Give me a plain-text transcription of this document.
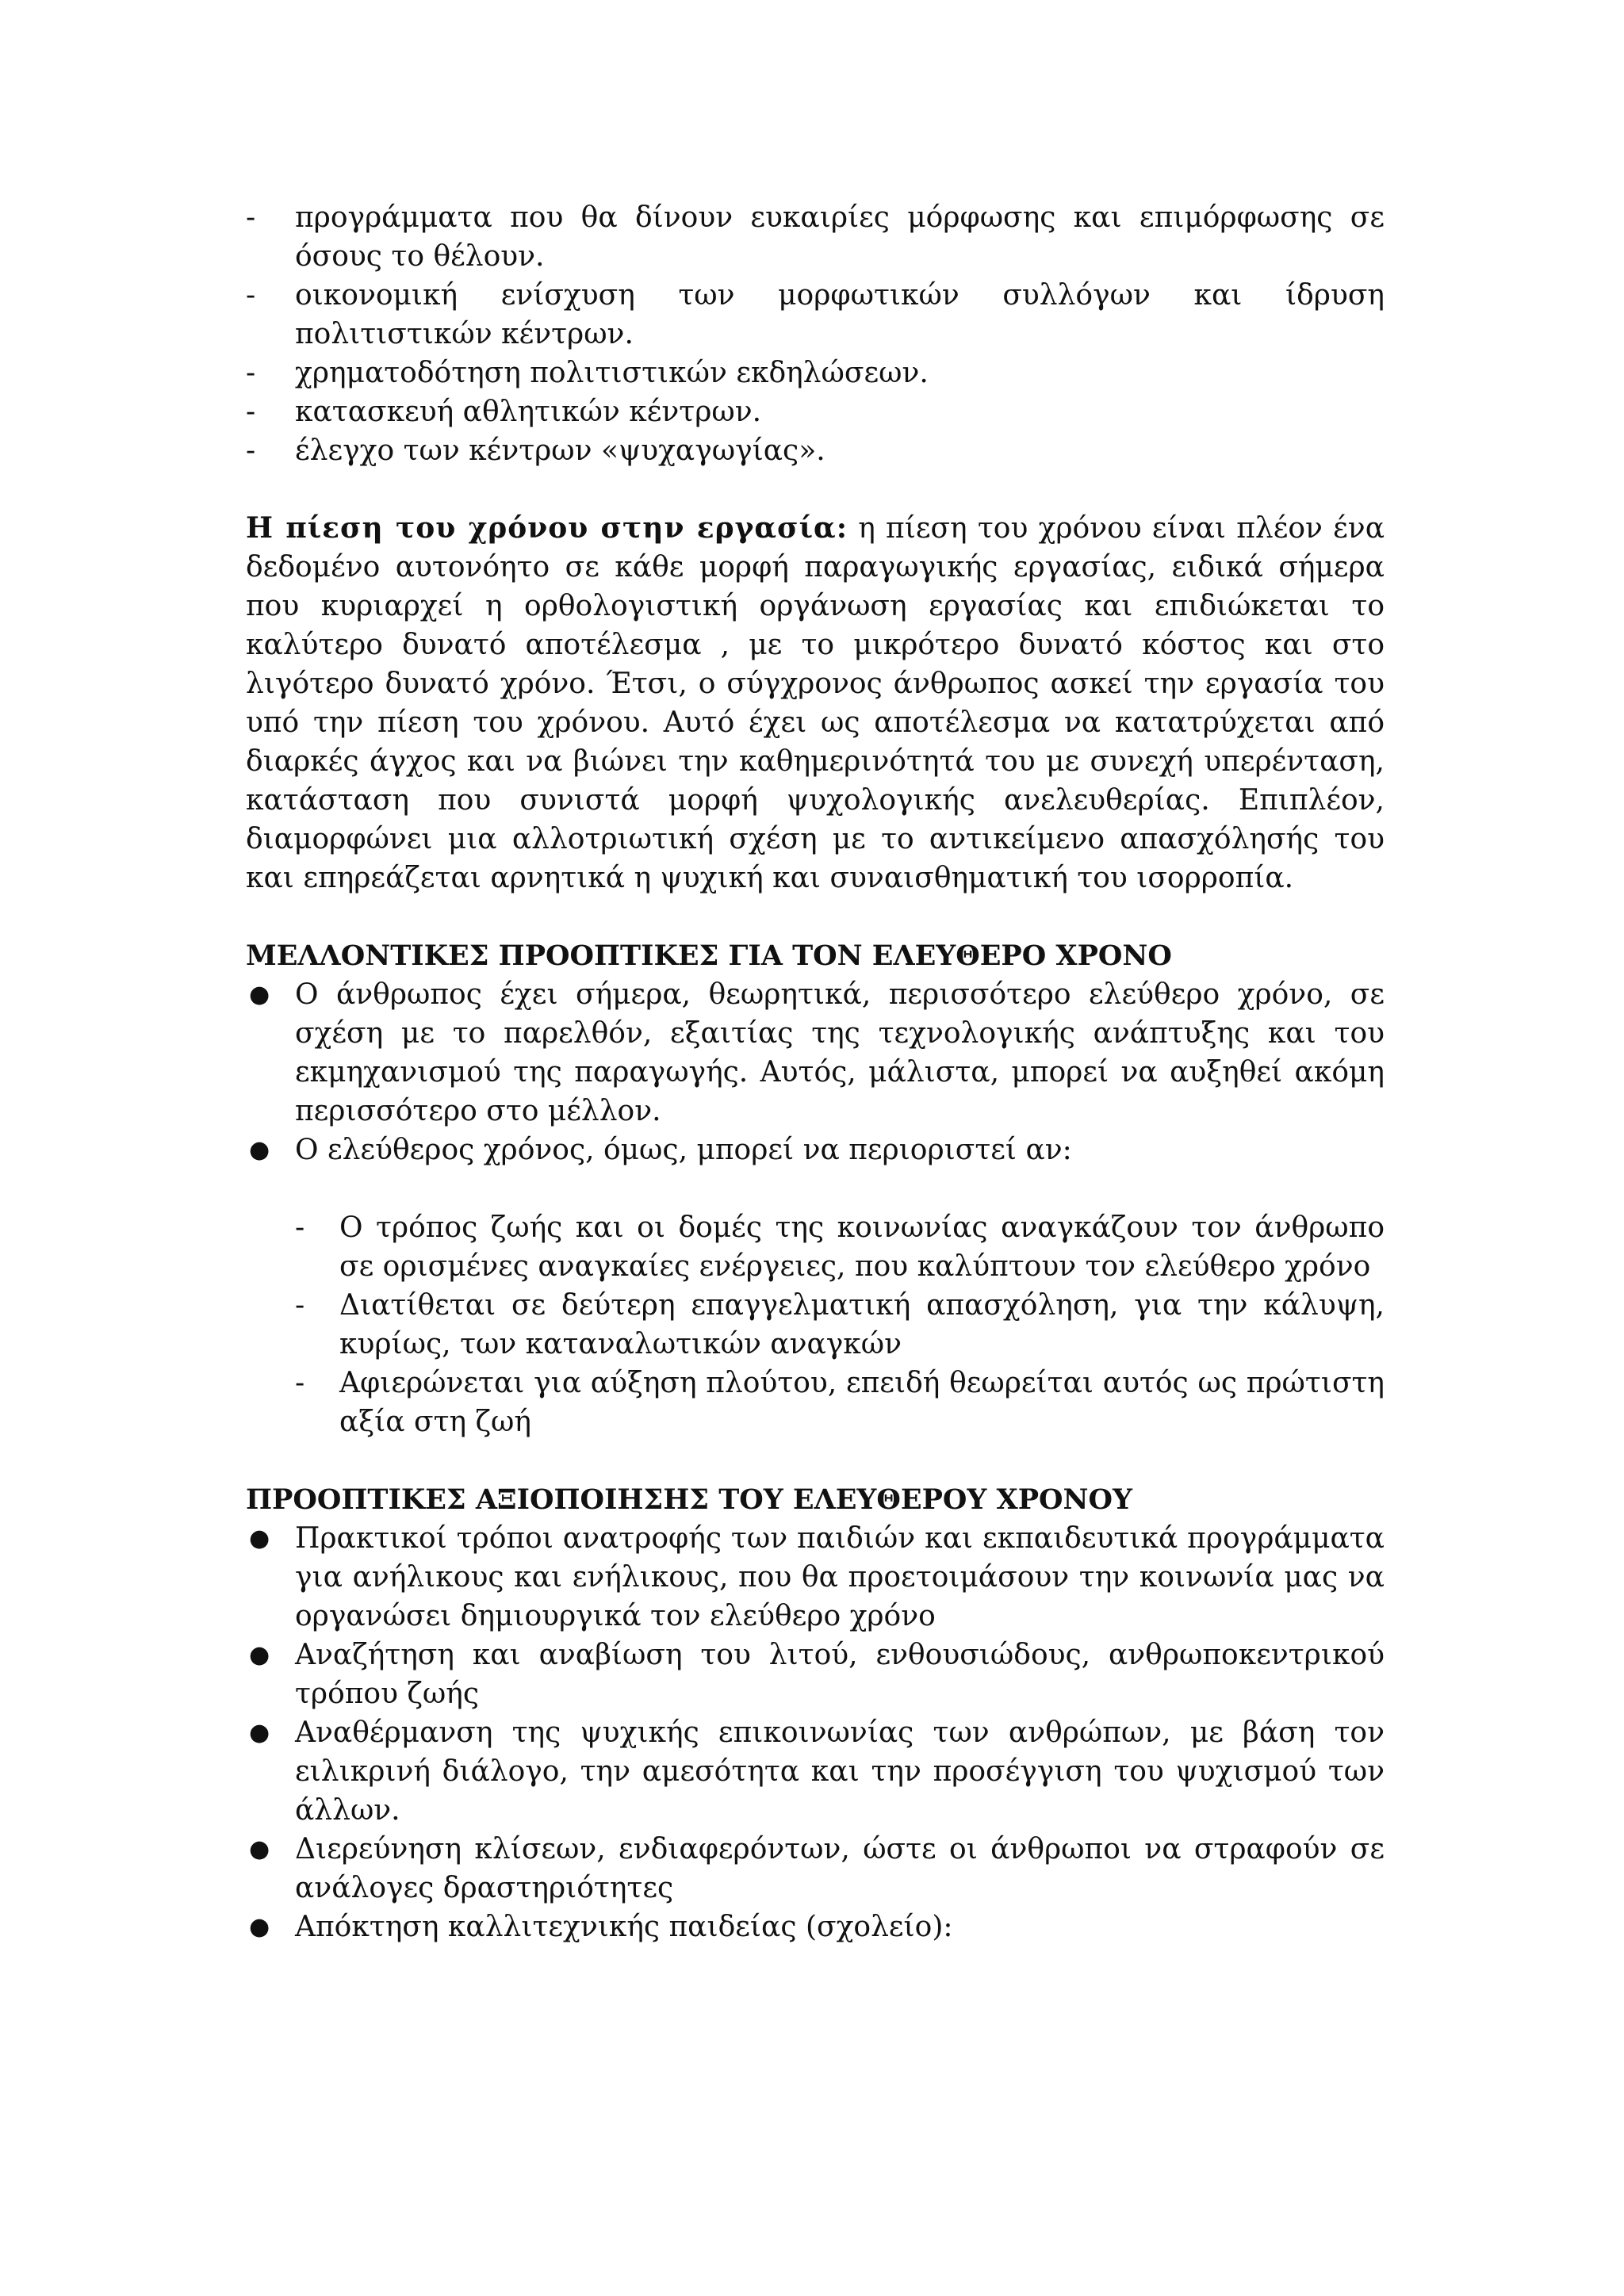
- προγράμματα που θα δίνουν ευκαιρίες μόρφωσης και επιμόρφωσης σε όσους το θέλουν.
- οικονομική ενίσχυση των μορφωτικών συλλόγων και ίδρυση πολιτιστικών κέντρων.
- χρηματοδότηση πολιτιστικών εκδηλώσεων.
- κατασκευή αθλητικών κέντρων.
- έλεγχο των κέντρων «ψυχαγωγίας».

Η πίεση του χρόνου στην εργασία: η πίεση του χρόνου είναι πλέον ένα δεδομένο αυτονόητο σε κάθε μορφή παραγωγικής εργασίας, ειδικά σήμερα που κυριαρχεί η ορθολογιστική οργάνωση εργασίας και επιδιώκεται το καλύτερο δυνατό αποτέλεσμα , με το μικρότερο δυνατό κόστος και στο λιγότερο δυνατό χρόνο. Έτσι, ο σύγχρονος άνθρωπος ασκεί την εργασία του υπό την πίεση του χρόνου. Αυτό έχει ως αποτέλεσμα να κατατρύχεται από διαρκές άγχος και να βιώνει την καθημερινότητά του με συνεχή υπερένταση, κατάσταση που συνιστά μορφή ψυχολογικής ανελευθερίας. Επιπλέον, διαμορφώνει μια αλλοτριωτική σχέση με το αντικείμενο απασχόλησής του και επηρεάζεται αρνητικά η ψυχική και συναισθηματική του ισορροπία.

ΜΕΛΛΟΝΤΙΚΕΣ ΠΡΟΟΠΤΙΚΕΣ ΓΙΑ ΤΟΝ ΕΛΕΥΘΕΡΟ ΧΡΟΝΟ

● Ο άνθρωπος έχει σήμερα, θεωρητικά, περισσότερο ελεύθερο χρόνο, σε σχέση με το παρελθόν, εξαιτίας της τεχνολογικής ανάπτυξης και του εκμηχανισμού της παραγωγής. Αυτός, μάλιστα, μπορεί να αυξηθεί ακόμη περισσότερο στο μέλλον.
● Ο ελεύθερος χρόνος, όμως, μπορεί να περιοριστεί αν:
- Ο τρόπος ζωής και οι δομές της κοινωνίας αναγκάζουν τον άνθρωπο σε ορισμένες αναγκαίες ενέργειες, που καλύπτουν τον ελεύθερο χρόνο
- Διατίθεται σε δεύτερη επαγγελματική απασχόληση, για την κάλυψη, κυρίως, των καταναλωτικών αναγκών
- Αφιερώνεται για αύξηση πλούτου, επειδή θεωρείται αυτός ως πρώτιστη αξία στη ζωή

ΠΡΟΟΠΤΙΚΕΣ ΑΞΙΟΠΟΙΗΣΗΣ ΤΟΥ ΕΛΕΥΘΕΡΟΥ ΧΡΟΝΟΥ

● Πρακτικοί τρόποι ανατροφής των παιδιών και εκπαιδευτικά προγράμματα για ανήλικους και ενήλικους, που θα προετοιμάσουν την κοινωνία μας να οργανώσει δημιουργικά τον ελεύθερο χρόνο
● Αναζήτηση και αναβίωση του λιτού, ενθουσιώδους, ανθρωποκεντρικού τρόπου ζωής
● Αναθέρμανση της ψυχικής επικοινωνίας των ανθρώπων, με βάση τον ειλικρινή διάλογο, την αμεσότητα και την προσέγγιση του ψυχισμού των άλλων.
● Διερεύνηση κλίσεων, ενδιαφερόντων, ώστε οι άνθρωποι να στραφούν σε ανάλογες δραστηριότητες
● Απόκτηση καλλιτεχνικής παιδείας (σχολείο):
